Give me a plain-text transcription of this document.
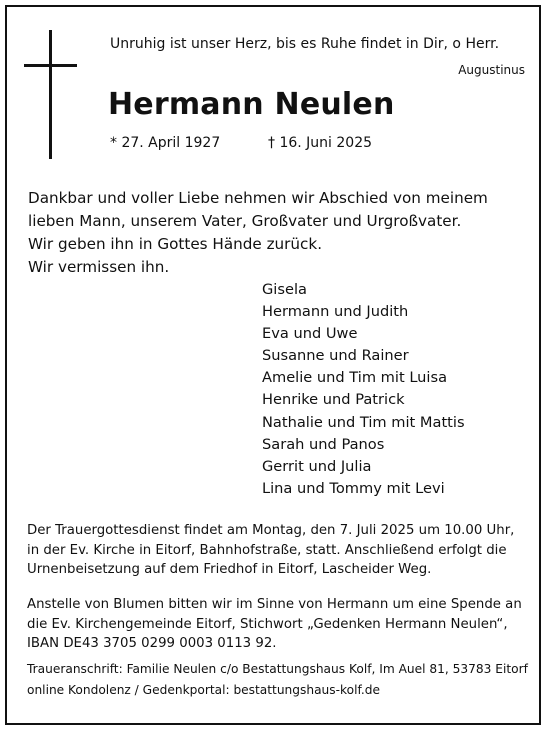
Unruhig ist unser Herz, bis es Ruhe findet in Dir, o Herr.
Augustinus
Hermann Neulen
* 27. April 1927	† 16. Juni 2025
Dankbar und voller Liebe nehmen wir Abschied von meinem
lieben Mann, unserem Vater, Großvater und Urgroßvater.
Wir geben ihn in Gottes Hände zurück.
Wir vermissen ihn.
Gisela
Hermann und Judith
Eva und Uwe
Susanne und Rainer
Amelie und Tim mit Luisa
Henrike und Patrick
Nathalie und Tim mit Mattis
Sarah und Panos
Gerrit und Julia
Lina und Tommy mit Levi
Der Trauergottesdienst findet am Montag, den 7. Juli 2025 um 10.00 Uhr,
in der Ev. Kirche in Eitorf, Bahnhofstraße, statt. Anschließend erfolgt die
Urnenbeisetzung auf dem Friedhof in Eitorf, Lascheider Weg.
Anstelle von Blumen bitten wir im Sinne von Hermann um eine Spende an
die Ev. Kirchengemeinde Eitorf, Stichwort „Gedenken Hermann Neulen“,
IBAN DE43 3705 0299 0003 0113 92.
Traueranschrift: Familie Neulen c/o Bestattungshaus Kolf, Im Auel 81, 53783 Eitorf
online Kondolenz / Gedenkportal: bestattungshaus-kolf.de
